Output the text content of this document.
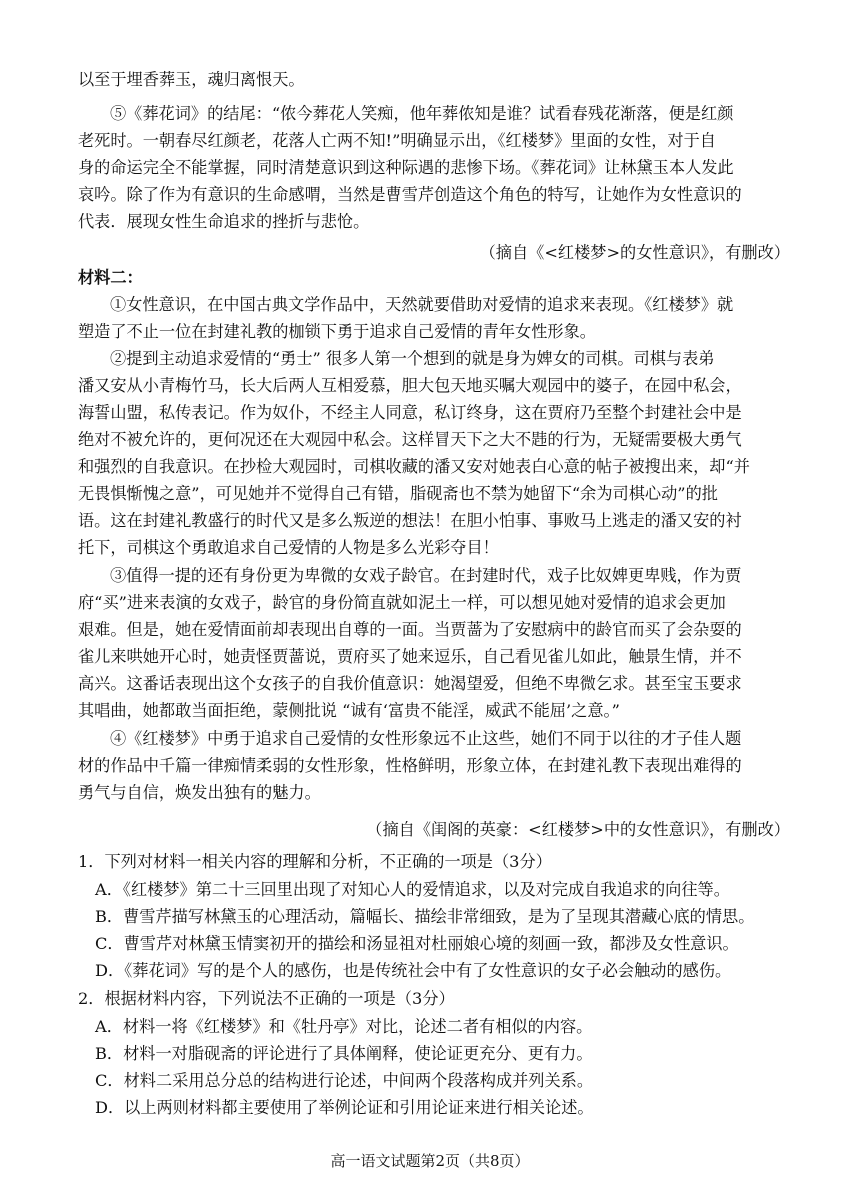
以至于埋香葬玉，魂归离恨天。
⑤《葬花词》的结尾：“侬今葬花人笑痴，他年葬侬知是谁？试看春残花渐落，便是红颜
老死时。一朝春尽红颜老，花落人亡两不知!”明确显示出，《红楼梦》里面的女性，对于自
身的命运完全不能掌握，同时清楚意识到这种际遇的悲惨下场。《葬花词》让林黛玉本人发此
哀吟。除了作为有意识的生命感喟，当然是曹雪芹创造这个角色的特写，让她作为女性意识的
代表．展现女性生命追求的挫折与悲怆。
（摘自《<红楼梦>的女性意识》，有删改）
材料二：
①女性意识，在中国古典文学作品中，天然就要借助对爱情的追求来表现。《红楼梦》就
塑造了不止一位在封建礼教的枷锁下勇于追求自己爱情的青年女性形象。
②提到主动追求爱情的“勇士” 很多人第一个想到的就是身为婢女的司棋。司棋与表弟
潘又安从小青梅竹马，长大后两人互相爱慕，胆大包天地买嘱大观园中的婆子，在园中私会，
海誓山盟，私传表记。作为奴仆，不经主人同意，私订终身，这在贾府乃至整个封建社会中是
绝对不被允许的，更何况还在大观园中私会。这样冒天下之大不韪的行为，无疑需要极大勇气
和强烈的自我意识。在抄检大观园时，司棋收藏的潘又安对她表白心意的帖子被搜出来，却“并
无畏惧惭愧之意”，可见她并不觉得自己有错，脂砚斋也不禁为她留下“余为司棋心动”的批
语。这在封建礼教盛行的时代又是多么叛逆的想法！在胆小怕事、事败马上逃走的潘又安的衬
托下，司棋这个勇敢追求自己爱情的人物是多么光彩夺目！
③值得一提的还有身份更为卑微的女戏子龄官。在封建时代，戏子比奴婢更卑贱，作为贾
府“买”进来表演的女戏子，龄官的身份简直就如泥土一样，可以想见她对爱情的追求会更加
艰难。但是，她在爱情面前却表现出自尊的一面。当贾蔷为了安慰病中的龄官而买了会杂耍的
雀儿来哄她开心时，她责怪贾蔷说，贾府买了她来逗乐，自己看见雀儿如此，触景生情，并不
高兴。这番话表现出这个女孩子的自我价值意识：她渴望爱，但绝不卑微乞求。甚至宝玉要求
其唱曲，她都敢当面拒绝，蒙侧批说 “诚有‘富贵不能淫，威武不能屈’之意。”
④《红楼梦》中勇于追求自己爱情的女性形象远不止这些，她们不同于以往的才子佳人题
材的作品中千篇一律痴情柔弱的女性形象，性格鲜明，形象立体，在封建礼教下表现出难得的
勇气与自信，焕发出独有的魅力。
（摘自《闺阁的英豪：<红楼梦>中的女性意识》，有删改）
1．下列对材料一相关内容的理解和分析，不正确的一项是（3分）
A．《红楼梦》第二十三回里出现了对知心人的爱情追求，以及对完成自我追求的向往等。
B．曹雪芹描写林黛玉的心理活动，篇幅长、描绘非常细致，是为了呈现其潜藏心底的情思。
C．曹雪芹对林黛玉情窦初开的描绘和汤显祖对杜丽娘心境的刻画一致，都涉及女性意识。
D．《葬花词》写的是个人的感伤，也是传统社会中有了女性意识的女子必会触动的感伤。
2．根据材料内容，下列说法不正确的一项是（3分）
A．材料一将《红楼梦》和《牡丹亭》对比，论述二者有相似的内容。
B．材料一对脂砚斋的评论进行了具体阐释，使论证更充分、更有力。
C．材料二采用总分总的结构进行论述，中间两个段落构成并列关系。
D．以上两则材料都主要使用了举例论证和引用论证来进行相关论述。
高一语文试题第2页（共8页）
